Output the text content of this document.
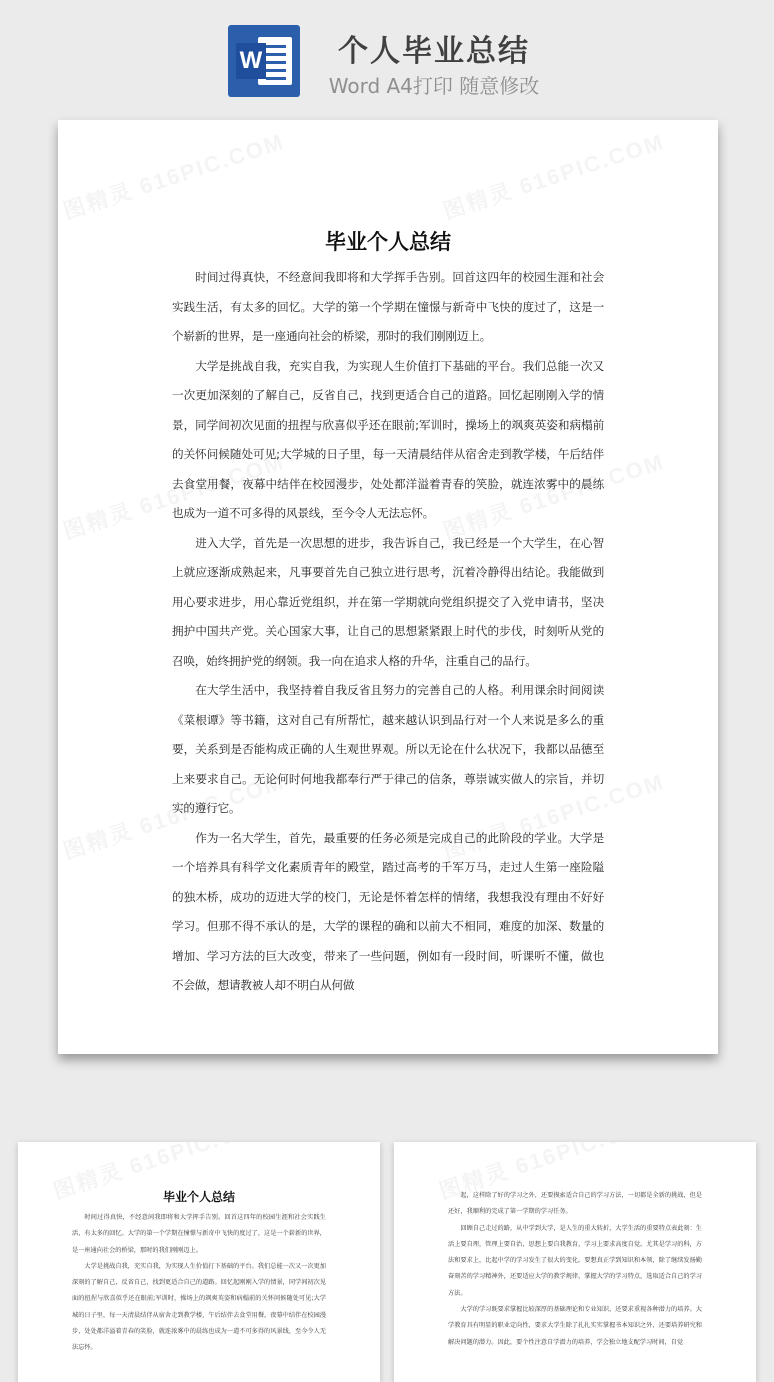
W	个人毕业总结
Word A4打印 随意修改
毕业个人总结

时间过得真快，不经意间我即将和大学挥手告别。回首这四年的校园生涯和社会实践生活，有太多的回忆。大学的第一个学期在憧憬与新奇中飞快的度过了，这是一个崭新的世界，是一座通向社会的桥梁，那时的我们刚刚迈上。

大学是挑战自我，充实自我，为实现人生价值打下基础的平台。我们总能一次又一次更加深刻的了解自己，反省自己，找到更适合自己的道路。回忆起刚刚入学的情景，同学间初次见面的扭捏与欣喜似乎还在眼前;军训时，操场上的飒爽英姿和病榻前的关怀问候随处可见;大学城的日子里，每一天清晨结伴从宿舍走到教学楼，午后结伴去食堂用餐，夜幕中结伴在校园漫步，处处都洋溢着青春的笑脸，就连浓雾中的晨练也成为一道不可多得的风景线，至今令人无法忘怀。

进入大学，首先是一次思想的进步，我告诉自己，我已经是一个大学生，在心智上就应逐渐成熟起来，凡事要首先自己独立进行思考，沉着冷静得出结论。我能做到用心要求进步，用心靠近党组织，并在第一学期就向党组织提交了入党申请书，坚决拥护中国共产党。关心国家大事，让自己的思想紧紧跟上时代的步伐，时刻听从党的召唤，始终拥护党的纲领。我一向在追求人格的升华，注重自己的品行。

在大学生活中，我坚持着自我反省且努力的完善自己的人格。利用课余时间阅读《菜根谭》等书籍，这对自己有所帮忙，越来越认识到品行对一个人来说是多么的重要，关系到是否能构成正确的人生观世界观。所以无论在什么状况下，我都以品德至上来要求自己。无论何时何地我都奉行严于律己的信条，尊崇诚实做人的宗旨，并切实的遵行它。

作为一名大学生，首先，最重要的任务必须是完成自己的此阶段的学业。大学是一个培养具有科学文化素质青年的殿堂，踏过高考的千军万马，走过人生第一座险隘的独木桥，成功的迈进大学的校门，无论是怀着怎样的情绪，我想我没有理由不好好学习。但那不得不承认的是，大学的课程的确和以前大不相同，难度的加深、数量的增加、学习方法的巨大改变，带来了一些问题，例如有一段时间，听课听不懂，做也不会做，想请教被人却不明白从何做

毕业个人总结

时间过得真快，不经意间我即将和大学挥手告别。回首这四年的校园生涯和社会实践生活，有太多的回忆。大学的第一个学期在憧憬与新奇中飞快的度过了，这是一个崭新的世界，是一座通向社会的桥梁，那时的我们刚刚迈上。

大学是挑战自我，充实自我，为实现人生价值打下基础的平台。我们总能一次又一次更加深刻的了解自己，反省自己，找到更适合自己的道路。回忆起刚刚入学的情景，同学间初次见面的扭捏与欣喜似乎还在眼前;军训时，操场上的飒爽英姿和病榻前的关怀问候随处可见;大学城的日子里，每一天清晨结伴从宿舍走到教学楼，午后结伴去食堂用餐，夜幕中结伴在校园漫步，处处都洋溢着青春的笑脸，就连浓雾中的晨练也成为一道不可多得的风景线，至今令人无法忘怀。

起，这样除了好的学习之外，还要摸索适合自己的学习方法，一切都是全新的挑战，但是还好，我顺利的完成了第一学期的学习任务。

回顾自己走过的路，从中学到大学，是人生的重大转折，大学生活的重要特点表此刻：生活上要自理，管理上要自治，思想上要自我教育，学习上要求高度自觉。尤其是学习的科，方法和要求上，比起中学的学习发生了很大的变化。要想真正学到知识和本领，除了继续发扬勤奋刻苦的学习精神外，还要适应大学的教学规律，掌握大学的学习特点，选取适合自己的学习方法。

大学的学习既要求掌握比较深厚的基础理论和专业知识，还要求重视各种潜力的培养。大学教育具有明显的职业定向性，要求大学生除了扎扎实实掌握书本知识之外，还要培养研究和解决问题的潜力。因此，要个性注意自学潜力的培养，学会独立地支配学习时间，自觉
